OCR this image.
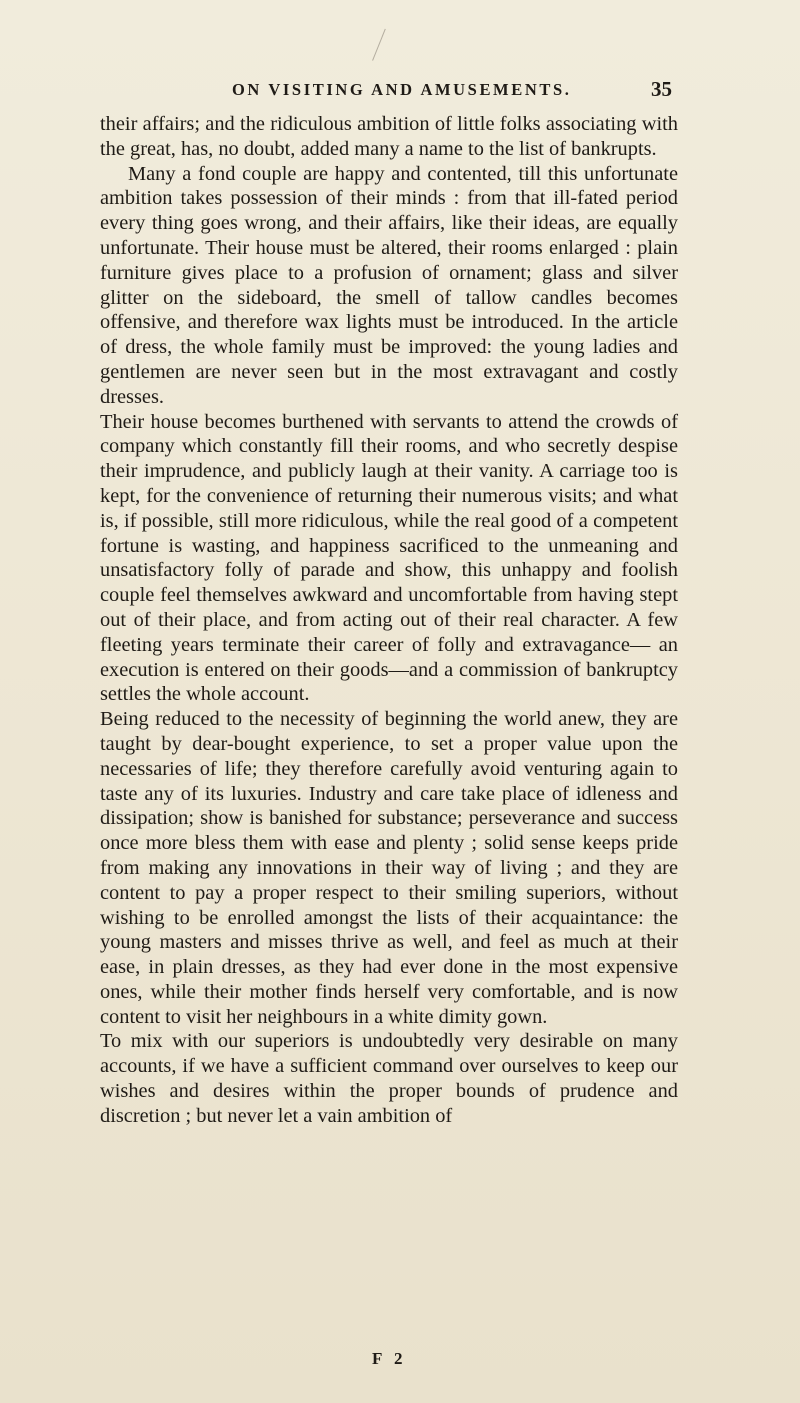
ON VISITING AND AMUSEMENTS.	35

their affairs; and the ridiculous ambition of little folks associating with the great, has, no doubt, added many a name to the list of bankrupts.

Many a fond couple are happy and contented, till this unfortunate ambition takes possession of their minds : from that ill-fated period every thing goes wrong, and their affairs, like their ideas, are equally unfortunate. Their house must be altered, their rooms enlarged : plain furniture gives place to a profusion of ornament; glass and silver glitter on the sideboard, the smell of tallow candles becomes offensive, and therefore wax lights must be introduced. In the article of dress, the whole family must be improved: the young ladies and gentlemen are never seen but in the most extravagant and costly dresses.

Their house becomes burthened with servants to attend the crowds of company which constantly fill their rooms, and who secretly despise their imprudence, and publicly laugh at their vanity. A carriage too is kept, for the convenience of returning their numerous visits; and what is, if possible, still more ridiculous, while the real good of a competent fortune is wasting, and happiness sacrificed to the unmeaning and unsatisfactory folly of parade and show, this unhappy and foolish couple feel themselves awkward and uncomfortable from having stept out of their place, and from acting out of their real character. A few fleeting years terminate their career of folly and extravagance— an execution is entered on their goods—and a commission of bankruptcy settles the whole account.

Being reduced to the necessity of beginning the world anew, they are taught by dear-bought experience, to set a proper value upon the necessaries of life; they therefore carefully avoid venturing again to taste any of its luxuries. Industry and care take place of idleness and dissipation; show is banished for substance; perseverance and success once more bless them with ease and plenty ; solid sense keeps pride from making any innovations in their way of living ; and they are content to pay a proper respect to their smiling superiors, without wishing to be enrolled amongst the lists of their acquaintance: the young masters and misses thrive as well, and feel as much at their ease, in plain dresses, as they had ever done in the most expensive ones, while their mother finds herself very comfortable, and is now content to visit her neighbours in a white dimity gown.

To mix with our superiors is undoubtedly very desirable on many accounts, if we have a sufficient command over ourselves to keep our wishes and desires within the proper bounds of prudence and discretion ; but never let a vain ambition of

F 2
